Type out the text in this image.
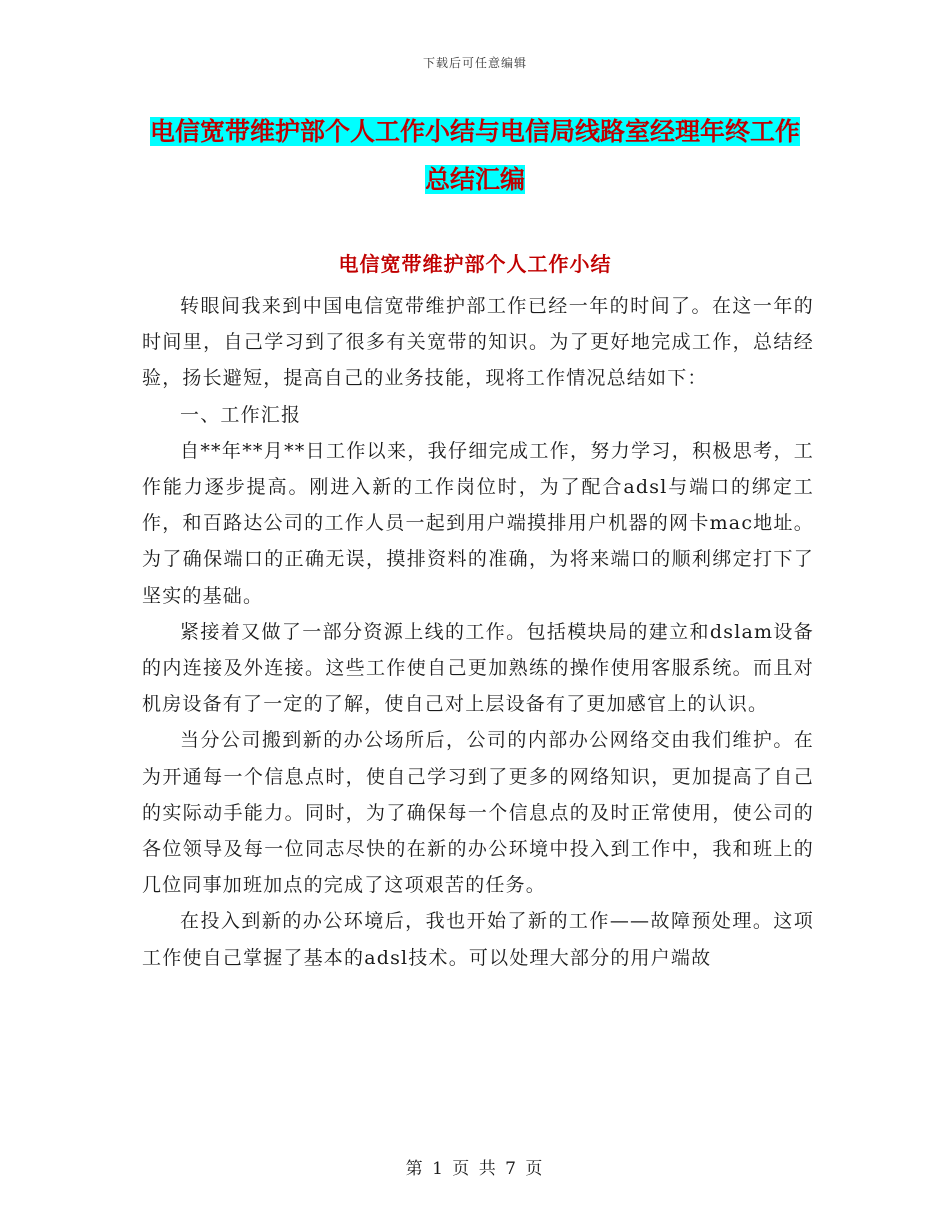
下载后可任意编辑
电信宽带维护部个人工作小结与电信局线路室经理年终工作总结汇编
电信宽带维护部个人工作小结

转眼间我来到中国电信宽带维护部工作已经一年的时间了。在这一年的时间里，自己学习到了很多有关宽带的知识。为了更好地完成工作，总结经验，扬长避短，提高自己的业务技能，现将工作情况总结如下：

一、工作汇报

自**年**月**日工作以来，我仔细完成工作，努力学习，积极思考，工作能力逐步提高。刚进入新的工作岗位时，为了配合adsl与端口的绑定工作，和百路达公司的工作人员一起到用户端摸排用户机器的网卡mac地址。为了确保端口的正确无误，摸排资料的准确，为将来端口的顺利绑定打下了坚实的基础。

紧接着又做了一部分资源上线的工作。包括模块局的建立和dslam设备的内连接及外连接。这些工作使自己更加熟练的操作使用客服系统。而且对机房设备有了一定的了解，使自己对上层设备有了更加感官上的认识。

当分公司搬到新的办公场所后，公司的内部办公网络交由我们维护。在为开通每一个信息点时，使自己学习到了更多的网络知识，更加提高了自己的实际动手能力。同时，为了确保每一个信息点的及时正常使用，使公司的各位领导及每一位同志尽快的在新的办公环境中投入到工作中，我和班上的几位同事加班加点的完成了这项艰苦的任务。

在投入到新的办公环境后，我也开始了新的工作——故障预处理。这项工作使自己掌握了基本的adsl技术。可以处理大部分的用户端故

第 1 页 共 7 页
